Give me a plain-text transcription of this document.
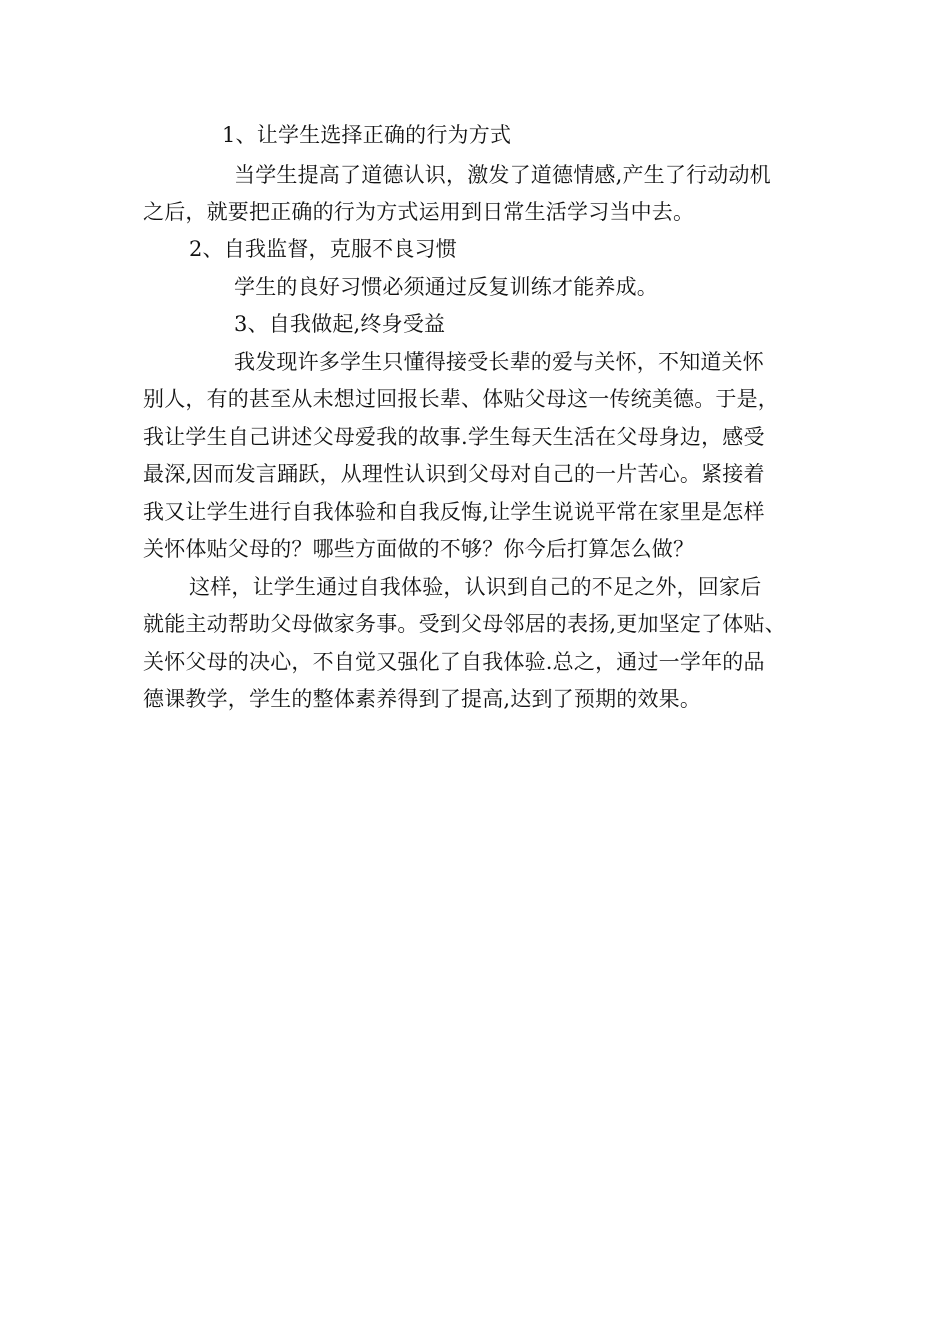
1、让学生选择正确的行为方式
当学生提高了道德认识，激发了道德情感,产生了行动动机
之后，就要把正确的行为方式运用到日常生活学习当中去。
2、自我监督，克服不良习惯
学生的良好习惯必须通过反复训练才能养成。
3、自我做起,终身受益
我发现许多学生只懂得接受长辈的爱与关怀，不知道关怀
别人，有的甚至从未想过回报长辈、体贴父母这一传统美德。于是，
我让学生自己讲述父母爱我的故事.学生每天生活在父母身边，感受
最深,因而发言踊跃，从理性认识到父母对自己的一片苦心。紧接着
我又让学生进行自我体验和自我反悔,让学生说说平常在家里是怎样
关怀体贴父母的？哪些方面做的不够？你今后打算怎么做？
这样，让学生通过自我体验，认识到自己的不足之外，回家后
就能主动帮助父母做家务事。受到父母邻居的表扬,更加坚定了体贴、
关怀父母的决心，不自觉又强化了自我体验.总之，通过一学年的品
德课教学，学生的整体素养得到了提高,达到了预期的效果。
